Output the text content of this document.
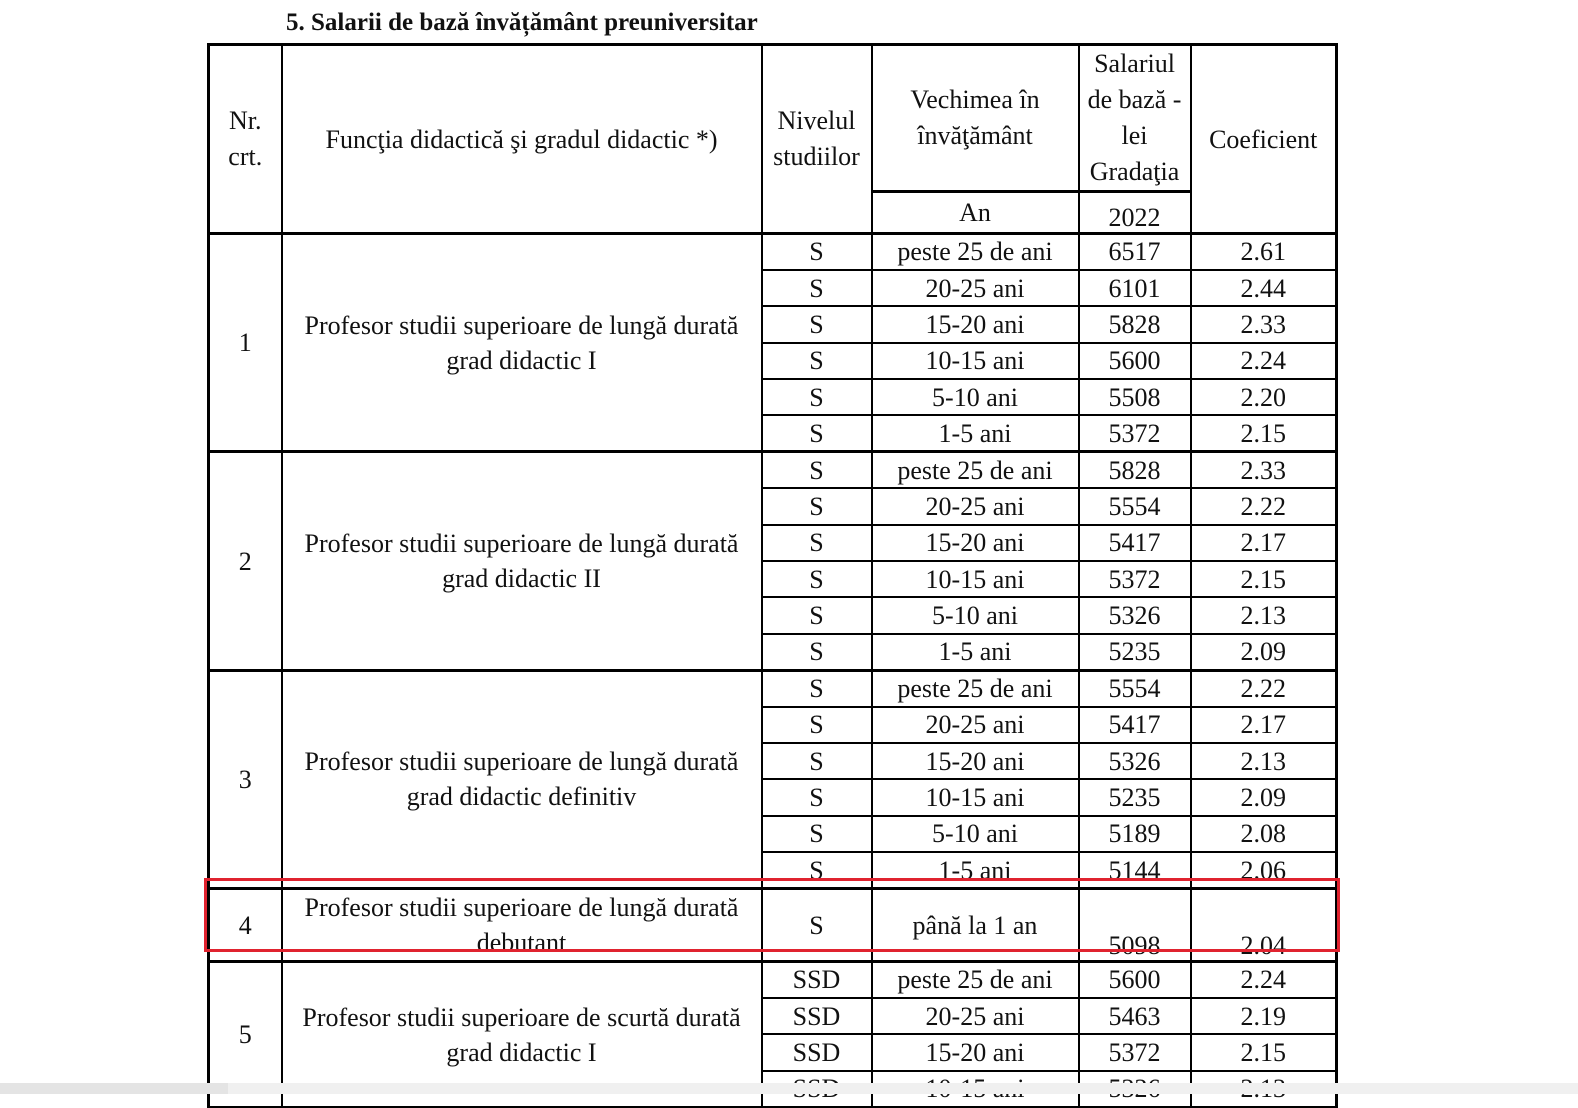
5. Salarii de bază învățământ preuniversitar
Nr. crt.	Funcţia didactică şi gradul didactic *)	Nivelul studiilor	Vechimea în învăţământ	Salariul de bază - lei Gradaţia	Coeficient
			An	2022	
1	Profesor studii superioare de lungă durată grad didactic I	S	peste 25 de ani	6517	2.61
		S	20-25 ani	6101	2.44
		S	15-20 ani	5828	2.33
		S	10-15 ani	5600	2.24
		S	5-10 ani	5508	2.20
		S	1-5 ani	5372	2.15
2	Profesor studii superioare de lungă durată grad didactic II	S	peste 25 de ani	5828	2.33
		S	20-25 ani	5554	2.22
		S	15-20 ani	5417	2.17
		S	10-15 ani	5372	2.15
		S	5-10 ani	5326	2.13
		S	1-5 ani	5235	2.09
3	Profesor studii superioare de lungă durată grad didactic definitiv	S	peste 25 de ani	5554	2.22
		S	20-25 ani	5417	2.17
		S	15-20 ani	5326	2.13
		S	10-15 ani	5235	2.09
		S	5-10 ani	5189	2.08
		S	1-5 ani	5144	2.06
4	Profesor studii superioare de lungă durată debutant	S	până la 1 an	5098	2.04
5	Profesor studii superioare de scurtă durată grad didactic I	SSD	peste 25 de ani	5600	2.24
		SSD	20-25 ani	5463	2.19
		SSD	15-20 ani	5372	2.15
